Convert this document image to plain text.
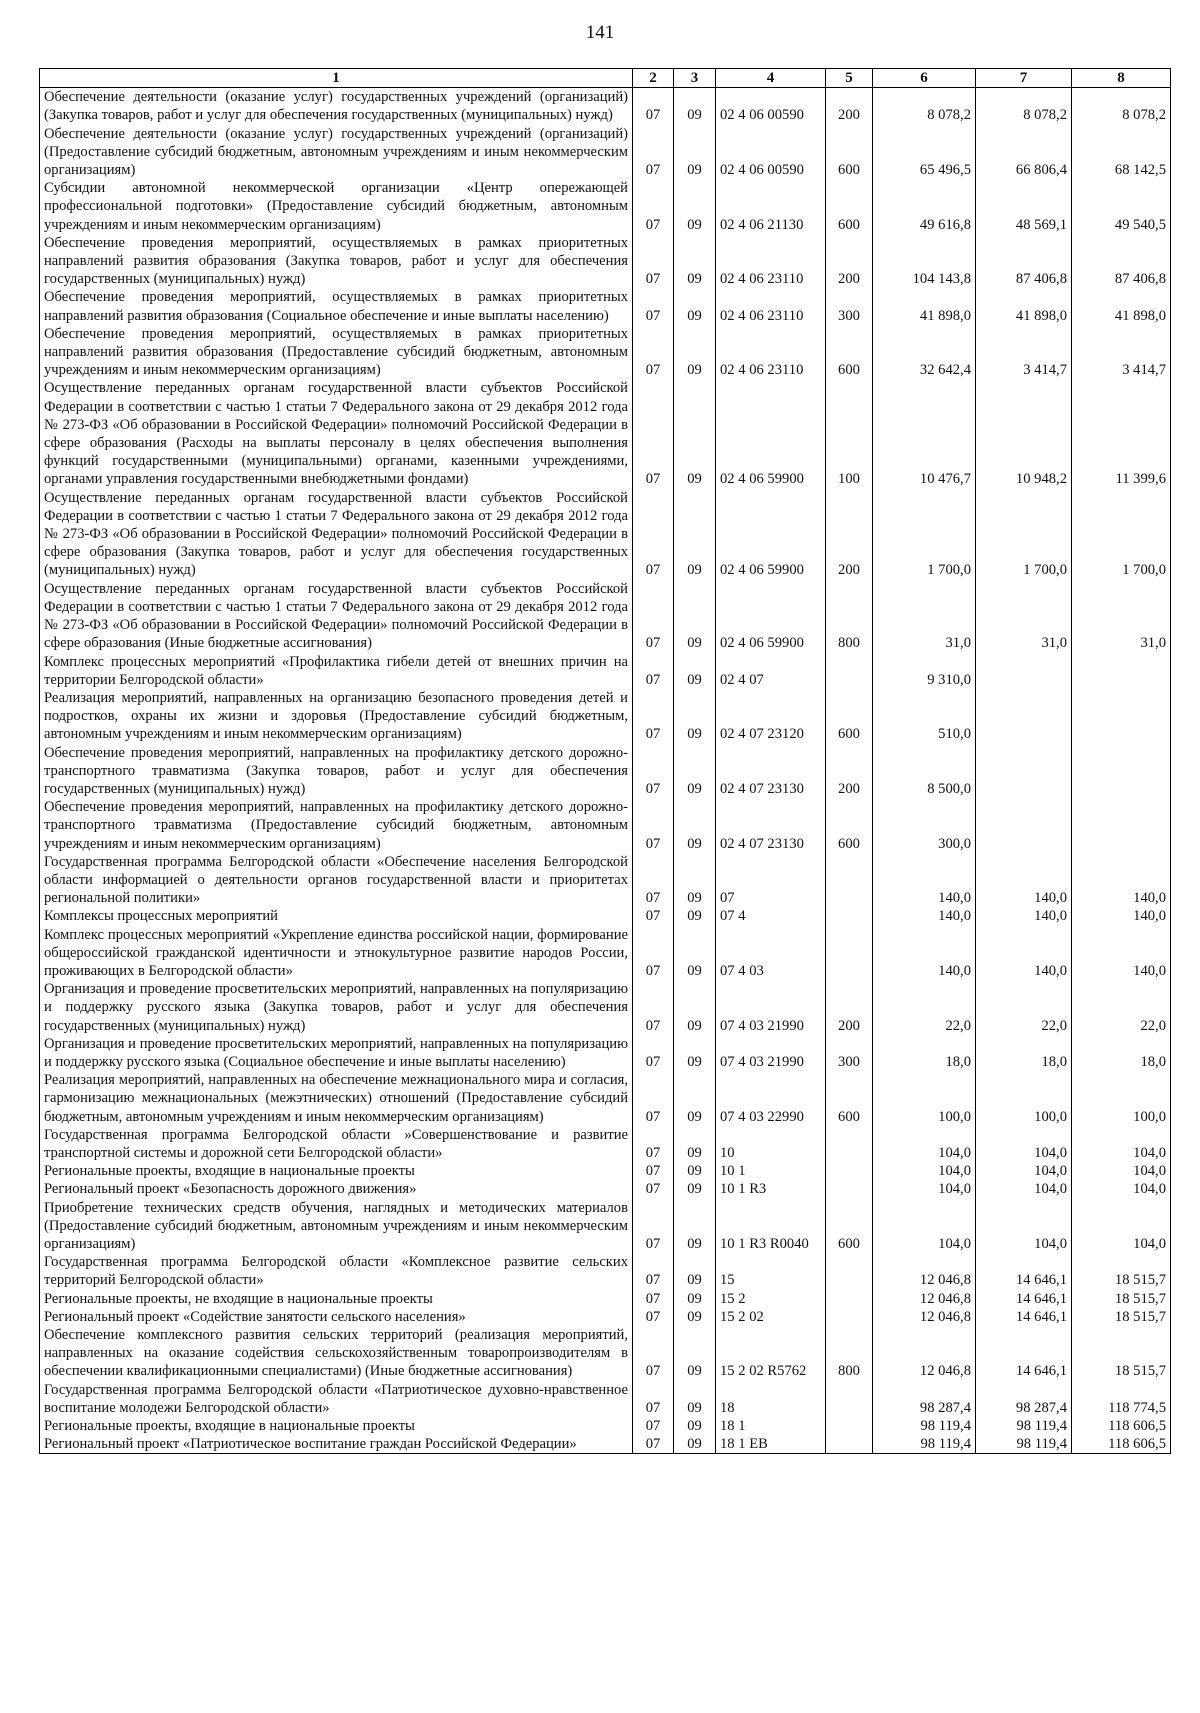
141
1	2	3	4	5	6	7	8
Обеспечение деятельности (оказание услуг) государственных учреждений (организаций) (Закупка товаров, работ и услуг для обеспечения государственных (муниципальных) нужд)	07	09	02 4 06 00590	200	8 078,2	8 078,2	8 078,2
Обеспечение деятельности (оказание услуг) государственных учреждений (организаций) (Предоставление субсидий бюджетным, автономным учреждениям и иным некоммерческим организациям)	07	09	02 4 06 00590	600	65 496,5	66 806,4	68 142,5
Субсидии автономной некоммерческой организации «Центр опережающей профессиональной подготовки» (Предоставление субсидий бюджетным, автономным учреждениям и иным некоммерческим организациям)	07	09	02 4 06 21130	600	49 616,8	48 569,1	49 540,5
Обеспечение проведения мероприятий, осуществляемых в рамках приоритетных направлений развития образования (Закупка товаров, работ и услуг для обеспечения государственных (муниципальных) нужд)	07	09	02 4 06 23110	200	104 143,8	87 406,8	87 406,8
Обеспечение проведения мероприятий, осуществляемых в рамках приоритетных направлений развития образования (Социальное обеспечение и иные выплаты населению)	07	09	02 4 06 23110	300	41 898,0	41 898,0	41 898,0
Обеспечение проведения мероприятий, осуществляемых в рамках приоритетных направлений развития образования (Предоставление субсидий бюджетным, автономным учреждениям и иным некоммерческим организациям)	07	09	02 4 06 23110	600	32 642,4	3 414,7	3 414,7
Осуществление переданных органам государственной власти субъектов Российской Федерации в соответствии с частью 1 статьи 7 Федерального закона от 29 декабря 2012 года № 273-ФЗ «Об образовании в Российской Федерации» полномочий Российской Федерации в сфере образования (Расходы на выплаты персоналу в целях обеспечения выполнения функций государственными (муниципальными) органами, казенными учреждениями, органами управления государственными внебюджетными фондами)	07	09	02 4 06 59900	100	10 476,7	10 948,2	11 399,6
Осуществление переданных органам государственной власти субъектов Российской Федерации в соответствии с частью 1 статьи 7 Федерального закона от 29 декабря 2012 года № 273-ФЗ «Об образовании в Российской Федерации» полномочий Российской Федерации в сфере образования (Закупка товаров, работ и услуг для обеспечения государственных (муниципальных) нужд)	07	09	02 4 06 59900	200	1 700,0	1 700,0	1 700,0
Осуществление переданных органам государственной власти субъектов Российской Федерации в соответствии с частью 1 статьи 7 Федерального закона от 29 декабря 2012 года № 273-ФЗ «Об образовании в Российской Федерации» полномочий Российской Федерации в сфере образования (Иные бюджетные ассигнования)	07	09	02 4 06 59900	800	31,0	31,0	31,0
Комплекс процессных мероприятий «Профилактика гибели детей от внешних причин на территории Белгородской области»	07	09	02 4 07		9 310,0		
Реализация мероприятий, направленных на организацию безопасного проведения детей и подростков, охраны их жизни и здоровья (Предоставление субсидий бюджетным, автономным учреждениям и иным некоммерческим организациям)	07	09	02 4 07 23120	600	510,0		
Обеспечение проведения мероприятий, направленных на профилактику детского дорожно-транспортного травматизма (Закупка товаров, работ и услуг для обеспечения государственных (муниципальных) нужд)	07	09	02 4 07 23130	200	8 500,0		
Обеспечение проведения мероприятий, направленных на профилактику детского дорожно-транспортного травматизма (Предоставление субсидий бюджетным, автономным учреждениям и иным некоммерческим организациям)	07	09	02 4 07 23130	600	300,0		
Государственная программа Белгородской области «Обеспечение населения Белгородской области информацией о деятельности органов государственной власти и приоритетах региональной политики»	07	09	07		140,0	140,0	140,0
Комплексы процессных мероприятий	07	09	07 4		140,0	140,0	140,0
Комплекс процессных мероприятий «Укрепление единства российской нации, формирование общероссийской гражданской идентичности и этнокультурное развитие народов России, проживающих в Белгородской области»	07	09	07 4 03		140,0	140,0	140,0
Организация и проведение просветительских мероприятий, направленных на популяризацию и поддержку русского языка (Закупка товаров, работ и услуг для обеспечения государственных (муниципальных) нужд)	07	09	07 4 03 21990	200	22,0	22,0	22,0
Организация и проведение просветительских мероприятий, направленных на популяризацию и поддержку русского языка (Социальное обеспечение и иные выплаты населению)	07	09	07 4 03 21990	300	18,0	18,0	18,0
Реализация мероприятий, направленных на обеспечение межнационального мира и согласия, гармонизацию межнациональных (межэтнических) отношений (Предоставление субсидий бюджетным, автономным учреждениям и иным некоммерческим организациям)	07	09	07 4 03 22990	600	100,0	100,0	100,0
Государственная программа Белгородской области »Совершенствование и развитие транспортной системы и дорожной сети Белгородской области»	07	09	10		104,0	104,0	104,0
Региональные проекты, входящие в национальные проекты	07	09	10 1		104,0	104,0	104,0
Региональный проект «Безопасность дорожного движения»	07	09	10 1 R3		104,0	104,0	104,0
Приобретение технических средств обучения, наглядных и методических материалов (Предоставление субсидий бюджетным, автономным учреждениям и иным некоммерческим организациям)	07	09	10 1 R3 R0040	600	104,0	104,0	104,0
Государственная программа Белгородской области «Комплексное развитие сельских территорий Белгородской области»	07	09	15		12 046,8	14 646,1	18 515,7
Региональные проекты, не входящие в национальные проекты	07	09	15 2		12 046,8	14 646,1	18 515,7
Региональный проект «Содействие занятости сельского населения»	07	09	15 2 02		12 046,8	14 646,1	18 515,7
Обеспечение комплексного развития сельских территорий (реализация мероприятий, направленных на оказание содействия сельскохозяйственным товаропроизводителям в обеспечении квалификационными специалистами) (Иные бюджетные ассигнования)	07	09	15 2 02 R5762	800	12 046,8	14 646,1	18 515,7
Государственная программа Белгородской области «Патриотическое духовно-нравственное воспитание молодежи Белгородской области»	07	09	18		98 287,4	98 287,4	118 774,5
Региональные проекты, входящие в национальные проекты	07	09	18 1		98 119,4	98 119,4	118 606,5
Региональный проект «Патриотическое воспитание граждан Российской Федерации»	07	09	18 1 EB		98 119,4	98 119,4	118 606,5
